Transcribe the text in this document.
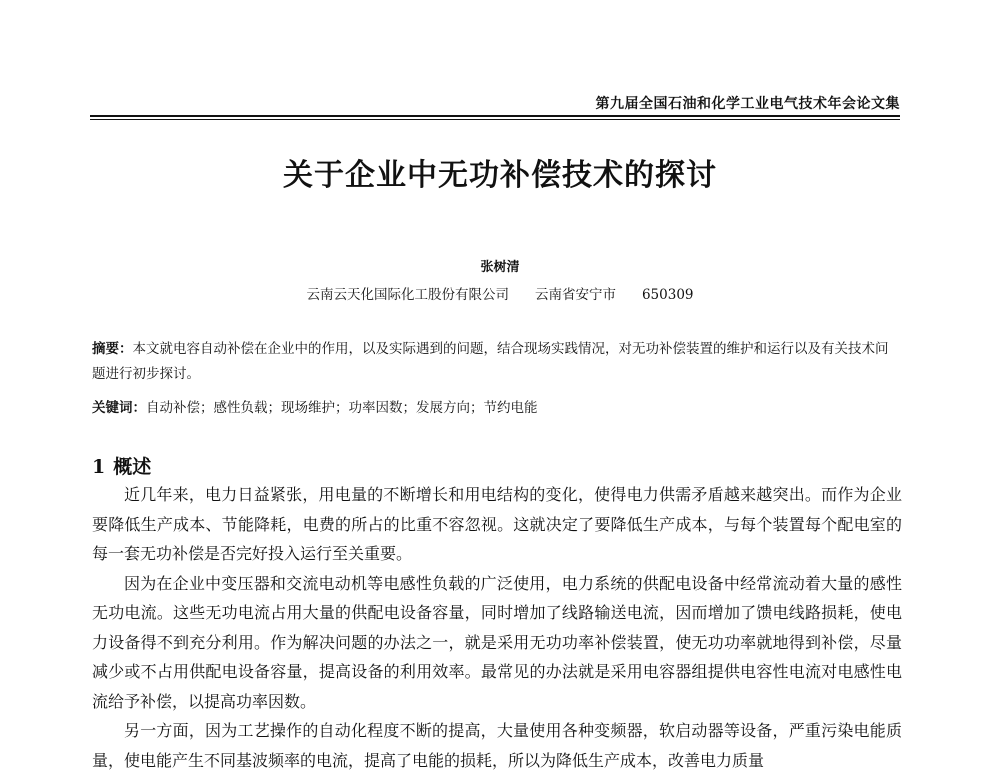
第九届全国石油和化学工业电气技术年会论文集
关于企业中无功补偿技术的探讨
张树清
云南云天化国际化工股份有限公司 云南省安宁市 650309
摘要：本文就电容自动补偿在企业中的作用，以及实际遇到的问题，结合现场实践情况，对无功补偿装置的维护和运行以及有关技术问题进行初步探讨。
关键词：自动补偿；感性负载；现场维护；功率因数；发展方向；节约电能
1 概述

近几年来，电力日益紧张，用电量的不断增长和用电结构的变化，使得电力供需矛盾越来越突出。而作为企业要降低生产成本、节能降耗，电费的所占的比重不容忽视。这就决定了要降低生产成本，与每个装置每个配电室的每一套无功补偿是否完好投入运行至关重要。

因为在企业中变压器和交流电动机等电感性负载的广泛使用，电力系统的供配电设备中经常流动着大量的感性无功电流。这些无功电流占用大量的供配电设备容量，同时增加了线路输送电流，因而增加了馈电线路损耗，使电力设备得不到充分利用。作为解决问题的办法之一，就是采用无功功率补偿装置，使无功功率就地得到补偿，尽量减少或不占用供配电设备容量，提高设备的利用效率。最常见的办法就是采用电容器组提供电容性电流对电感性电流给予补偿，以提高功率因数。

另一方面，因为工艺操作的自动化程度不断的提高，大量使用各种变频器，软启动器等设备，严重污染电能质量，使电能产生不同基波频率的电流，提高了电能的损耗，所以为降低生产成本，改善电力质量
